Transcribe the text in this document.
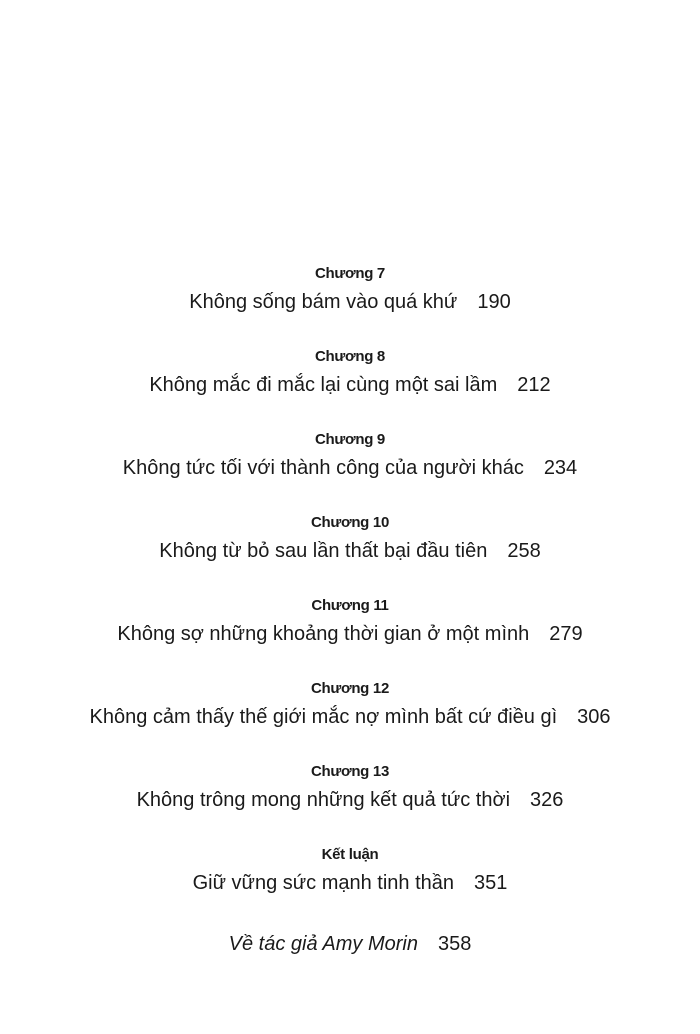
Chương 7
Không sống bám vào quá khứ 190
Chương 8
Không mắc đi mắc lại cùng một sai lầm 212
Chương 9
Không tức tối với thành công của người khác 234
Chương 10
Không từ bỏ sau lần thất bại đầu tiên 258
Chương 11
Không sợ những khoảng thời gian ở một mình 279
Chương 12
Không cảm thấy thế giới mắc nợ mình bất cứ điều gì 306
Chương 13
Không trông mong những kết quả tức thời 326
Kết luận
Giữ vững sức mạnh tinh thần 351
Về tác giả Amy Morin 358
